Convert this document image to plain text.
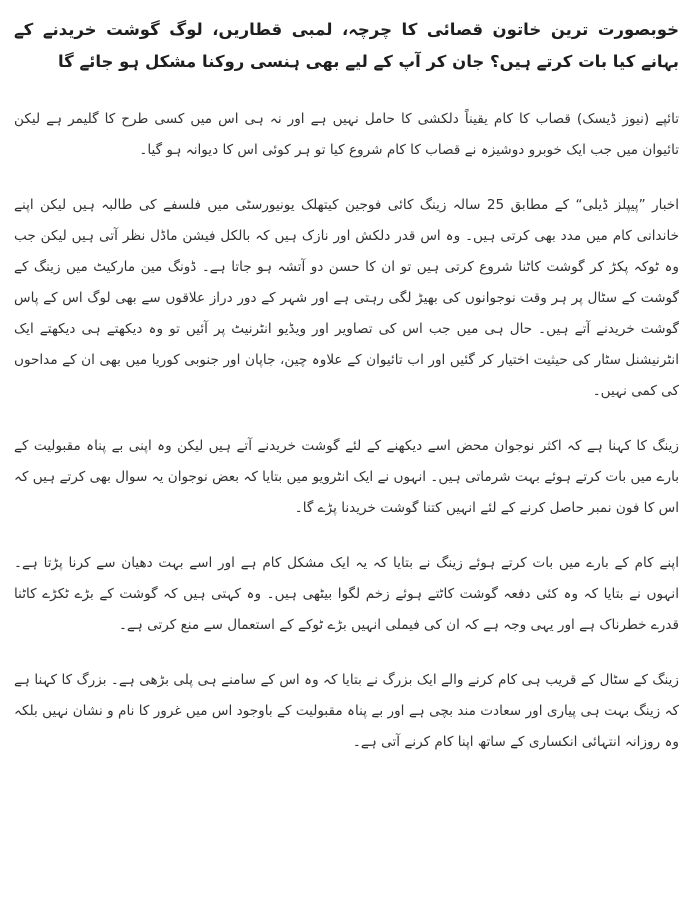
خوبصورت ترین خاتون قصائی کا چرچہ، لمبی قطاریں، لوگ گوشت خریدنے کے بہانے کیا بات کرتے ہیں؟ جان کر آپ کے لیے بھی ہنسی روکنا مشکل ہو جائے گا

تائپے (نیوز ڈیسک) قصاب کا کام یقیناً دلکشی کا حامل نہیں ہے اور نہ ہی اس میں کسی طرح کا گلیمر ہے لیکن تائیوان میں جب ایک خوبرو دوشیزہ نے قصاب کا کام شروع کیا تو ہر کوئی اس کا دیوانہ ہو گیا۔

اخبار ”پیپلز ڈیلی“ کے مطابق 25 سالہ زینگ کائی فوجین کیتھلک یونیورسٹی میں فلسفے کی طالبہ ہیں لیکن اپنے خاندانی کام میں مدد بھی کرتی ہیں۔ وہ اس قدر دلکش اور نازک ہیں کہ بالکل فیشن ماڈل نظر آتی ہیں لیکن جب وہ ٹوکہ پکڑ کر گوشت کاٹنا شروع کرتی ہیں تو ان کا حسن دو آتشہ ہو جاتا ہے۔ ڈونگ مین مارکیٹ میں زینگ کے گوشت کے سٹال پر ہر وقت نوجوانوں کی بھیڑ لگی رہتی ہے اور شہر کے دور دراز علاقوں سے بھی لوگ اس کے پاس گوشت خریدنے آتے ہیں۔ حال ہی میں جب اس کی تصاویر اور ویڈیو انٹرنیٹ پر آئیں تو وہ دیکھتے ہی دیکھتے ایک انٹرنیشنل سٹار کی حیثیت اختیار کر گئیں اور اب تائیوان کے علاوہ چین، جاپان اور جنوبی کوریا میں بھی ان کے مداحوں کی کمی نہیں۔

زینگ کا کہنا ہے کہ اکثر نوجوان محض اسے دیکھنے کے لئے گوشت خریدنے آتے ہیں لیکن وہ اپنی بے پناہ مقبولیت کے بارے میں بات کرتے ہوئے بہت شرماتی ہیں۔ انہوں نے ایک انٹرویو میں بتایا کہ بعض نوجوان یہ سوال بھی کرتے ہیں کہ اس کا فون نمبر حاصل کرنے کے لئے انہیں کتنا گوشت خریدنا پڑے گا۔

اپنے کام کے بارے میں بات کرتے ہوئے زینگ نے بتایا کہ یہ ایک مشکل کام ہے اور اسے بہت دھیان سے کرنا پڑتا ہے۔ انہوں نے بتایا کہ وہ کئی دفعہ گوشت کاٹتے ہوئے زخم لگوا بیٹھی ہیں۔ وہ کہتی ہیں کہ گوشت کے بڑے ٹکڑے کاٹنا قدرے خطرناک ہے اور یہی وجہ ہے کہ ان کی فیملی انہیں بڑے ٹوکے کے استعمال سے منع کرتی ہے۔

زینگ کے سٹال کے قریب ہی کام کرنے والے ایک بزرگ نے بتایا کہ وہ اس کے سامنے ہی پلی بڑھی ہے۔ بزرگ کا کہنا ہے کہ زینگ بہت ہی پیاری اور سعادت مند بچی ہے اور بے پناہ مقبولیت کے باوجود اس میں غرور کا نام و نشان نہیں بلکہ وہ روزانہ انتہائی انکساری کے ساتھ اپنا کام کرنے آتی ہے۔
